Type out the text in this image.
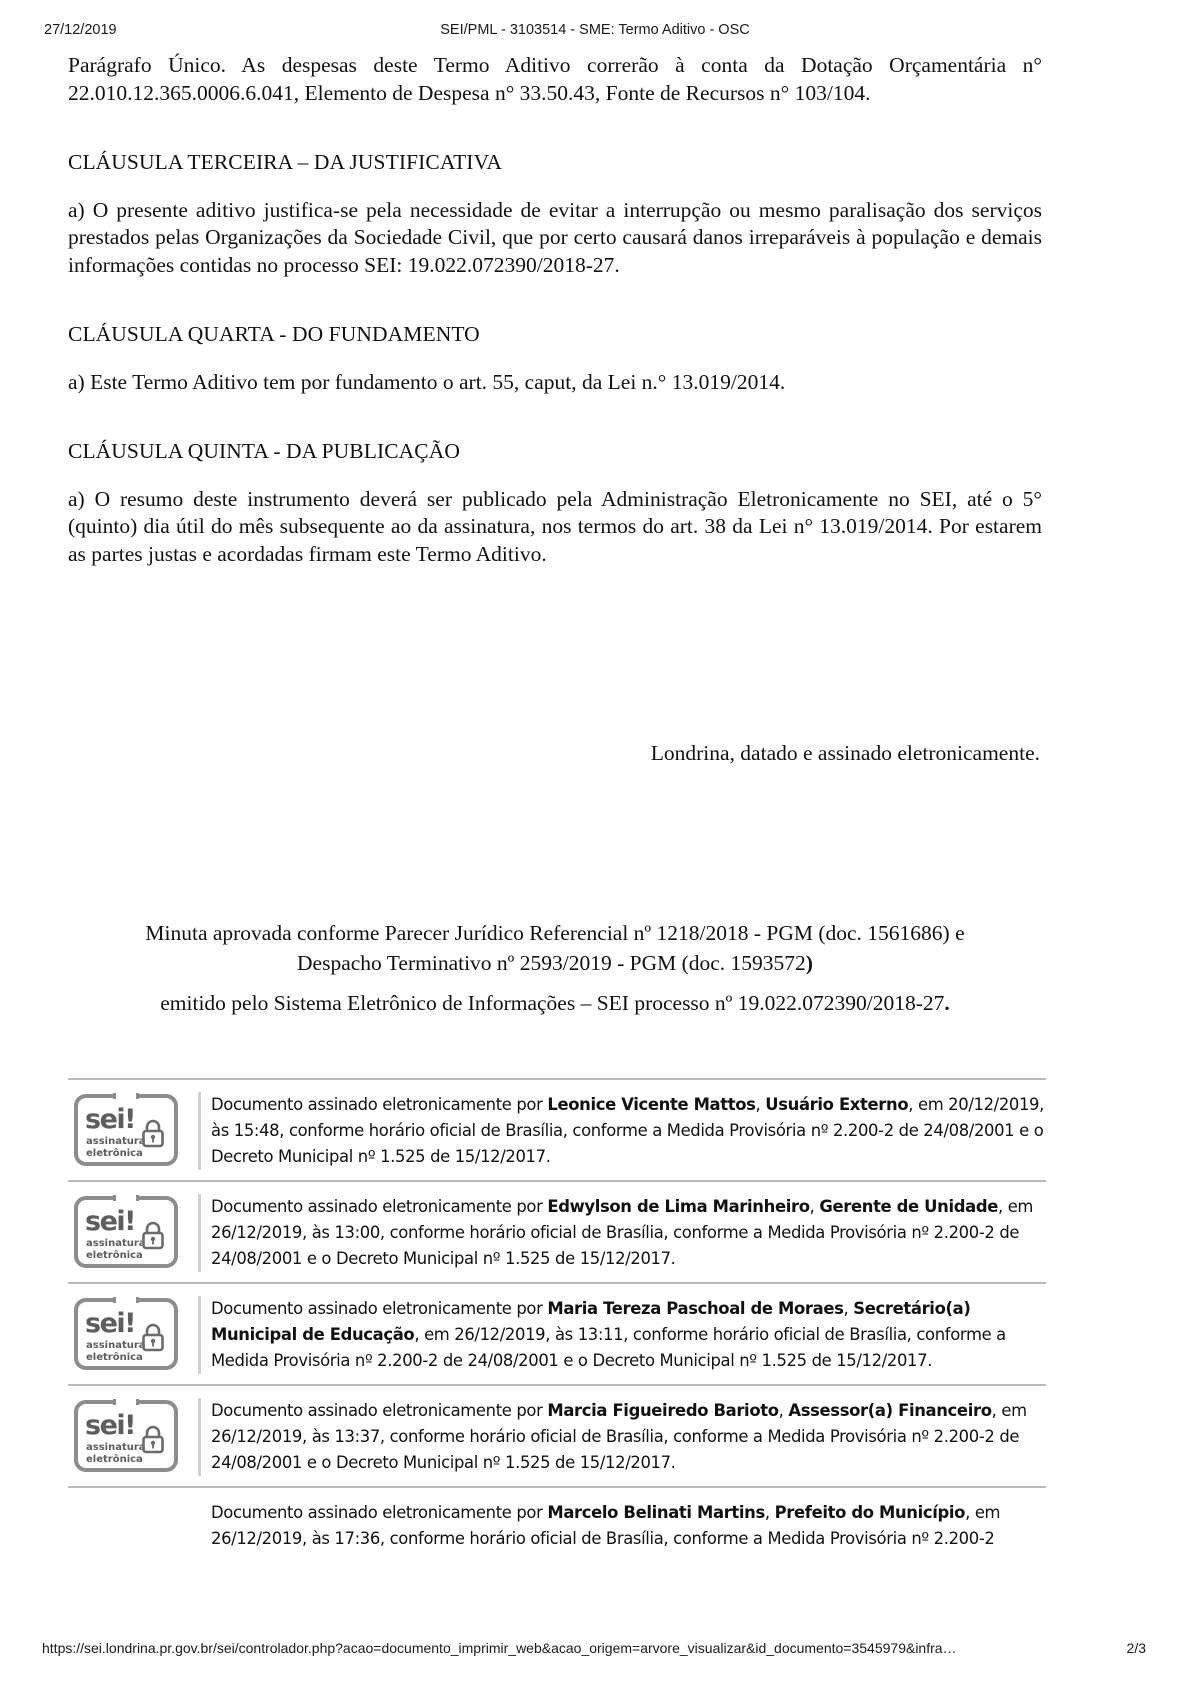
27/12/2019	SEI/PML - 3103514 - SME: Termo Aditivo - OSC

Parágrafo Único. As despesas deste Termo Aditivo correrão à conta da Dotação Orçamentária n° 22.010.12.365.0006.6.041, Elemento de Despesa n° 33.50.43, Fonte de Recursos n° 103/104.

CLÁUSULA TERCEIRA – DA JUSTIFICATIVA

a) O presente aditivo justifica-se pela necessidade de evitar a interrupção ou mesmo paralisação dos serviços prestados pelas Organizações da Sociedade Civil, que por certo causará danos irreparáveis à população e demais informações contidas no processo SEI: 19.022.072390/2018-27.

CLÁUSULA QUARTA - DO FUNDAMENTO

a) Este Termo Aditivo tem por fundamento o art. 55, caput, da Lei n.° 13.019/2014.

CLÁUSULA QUINTA - DA PUBLICAÇÃO

a) O resumo deste instrumento deverá ser publicado pela Administração Eletronicamente no SEI, até o 5° (quinto) dia útil do mês subsequente ao da assinatura, nos termos do art. 38 da Lei n° 13.019/2014. Por estarem as partes justas e acordadas firmam este Termo Aditivo.

Londrina, datado e assinado eletronicamente.

Minuta aprovada conforme Parecer Jurídico Referencial nº 1218/2018 - PGM (doc. 1561686) e

Despacho Terminativo nº 2593/2019 - PGM (doc. 1593572)

emitido pelo Sistema Eletrônico de Informações – SEI processo nº 19.022.072390/2018-27.

sei!
assinatura
eletrônica
Documento assinado eletronicamente por Leonice Vicente Mattos, Usuário Externo, em 20/12/2019, às 15:48, conforme horário oficial de Brasília, conforme a Medida Provisória nº 2.200-2 de 24/08/2001 e o Decreto Municipal nº 1.525 de 15/12/2017.
sei!
assinatura
eletrônica
Documento assinado eletronicamente por Edwylson de Lima Marinheiro, Gerente de Unidade, em 26/12/2019, às 13:00, conforme horário oficial de Brasília, conforme a Medida Provisória nº 2.200-2 de 24/08/2001 e o Decreto Municipal nº 1.525 de 15/12/2017.
sei!
assinatura
eletrônica
Documento assinado eletronicamente por Maria Tereza Paschoal de Moraes, Secretário(a) Municipal de Educação, em 26/12/2019, às 13:11, conforme horário oficial de Brasília, conforme a Medida Provisória nº 2.200-2 de 24/08/2001 e o Decreto Municipal nº 1.525 de 15/12/2017.
sei!
assinatura
eletrônica
Documento assinado eletronicamente por Marcia Figueiredo Barioto, Assessor(a) Financeiro, em 26/12/2019, às 13:37, conforme horário oficial de Brasília, conforme a Medida Provisória nº 2.200-2 de 24/08/2001 e o Decreto Municipal nº 1.525 de 15/12/2017.
Documento assinado eletronicamente por Marcelo Belinati Martins, Prefeito do Município, em 26/12/2019, às 17:36, conforme horário oficial de Brasília, conforme a Medida Provisória nº 2.200-2
https://sei.londrina.pr.gov.br/sei/controlador.php?acao=documento_imprimir_web&acao_origem=arvore_visualizar&id_documento=3545979&infra…	2/3
